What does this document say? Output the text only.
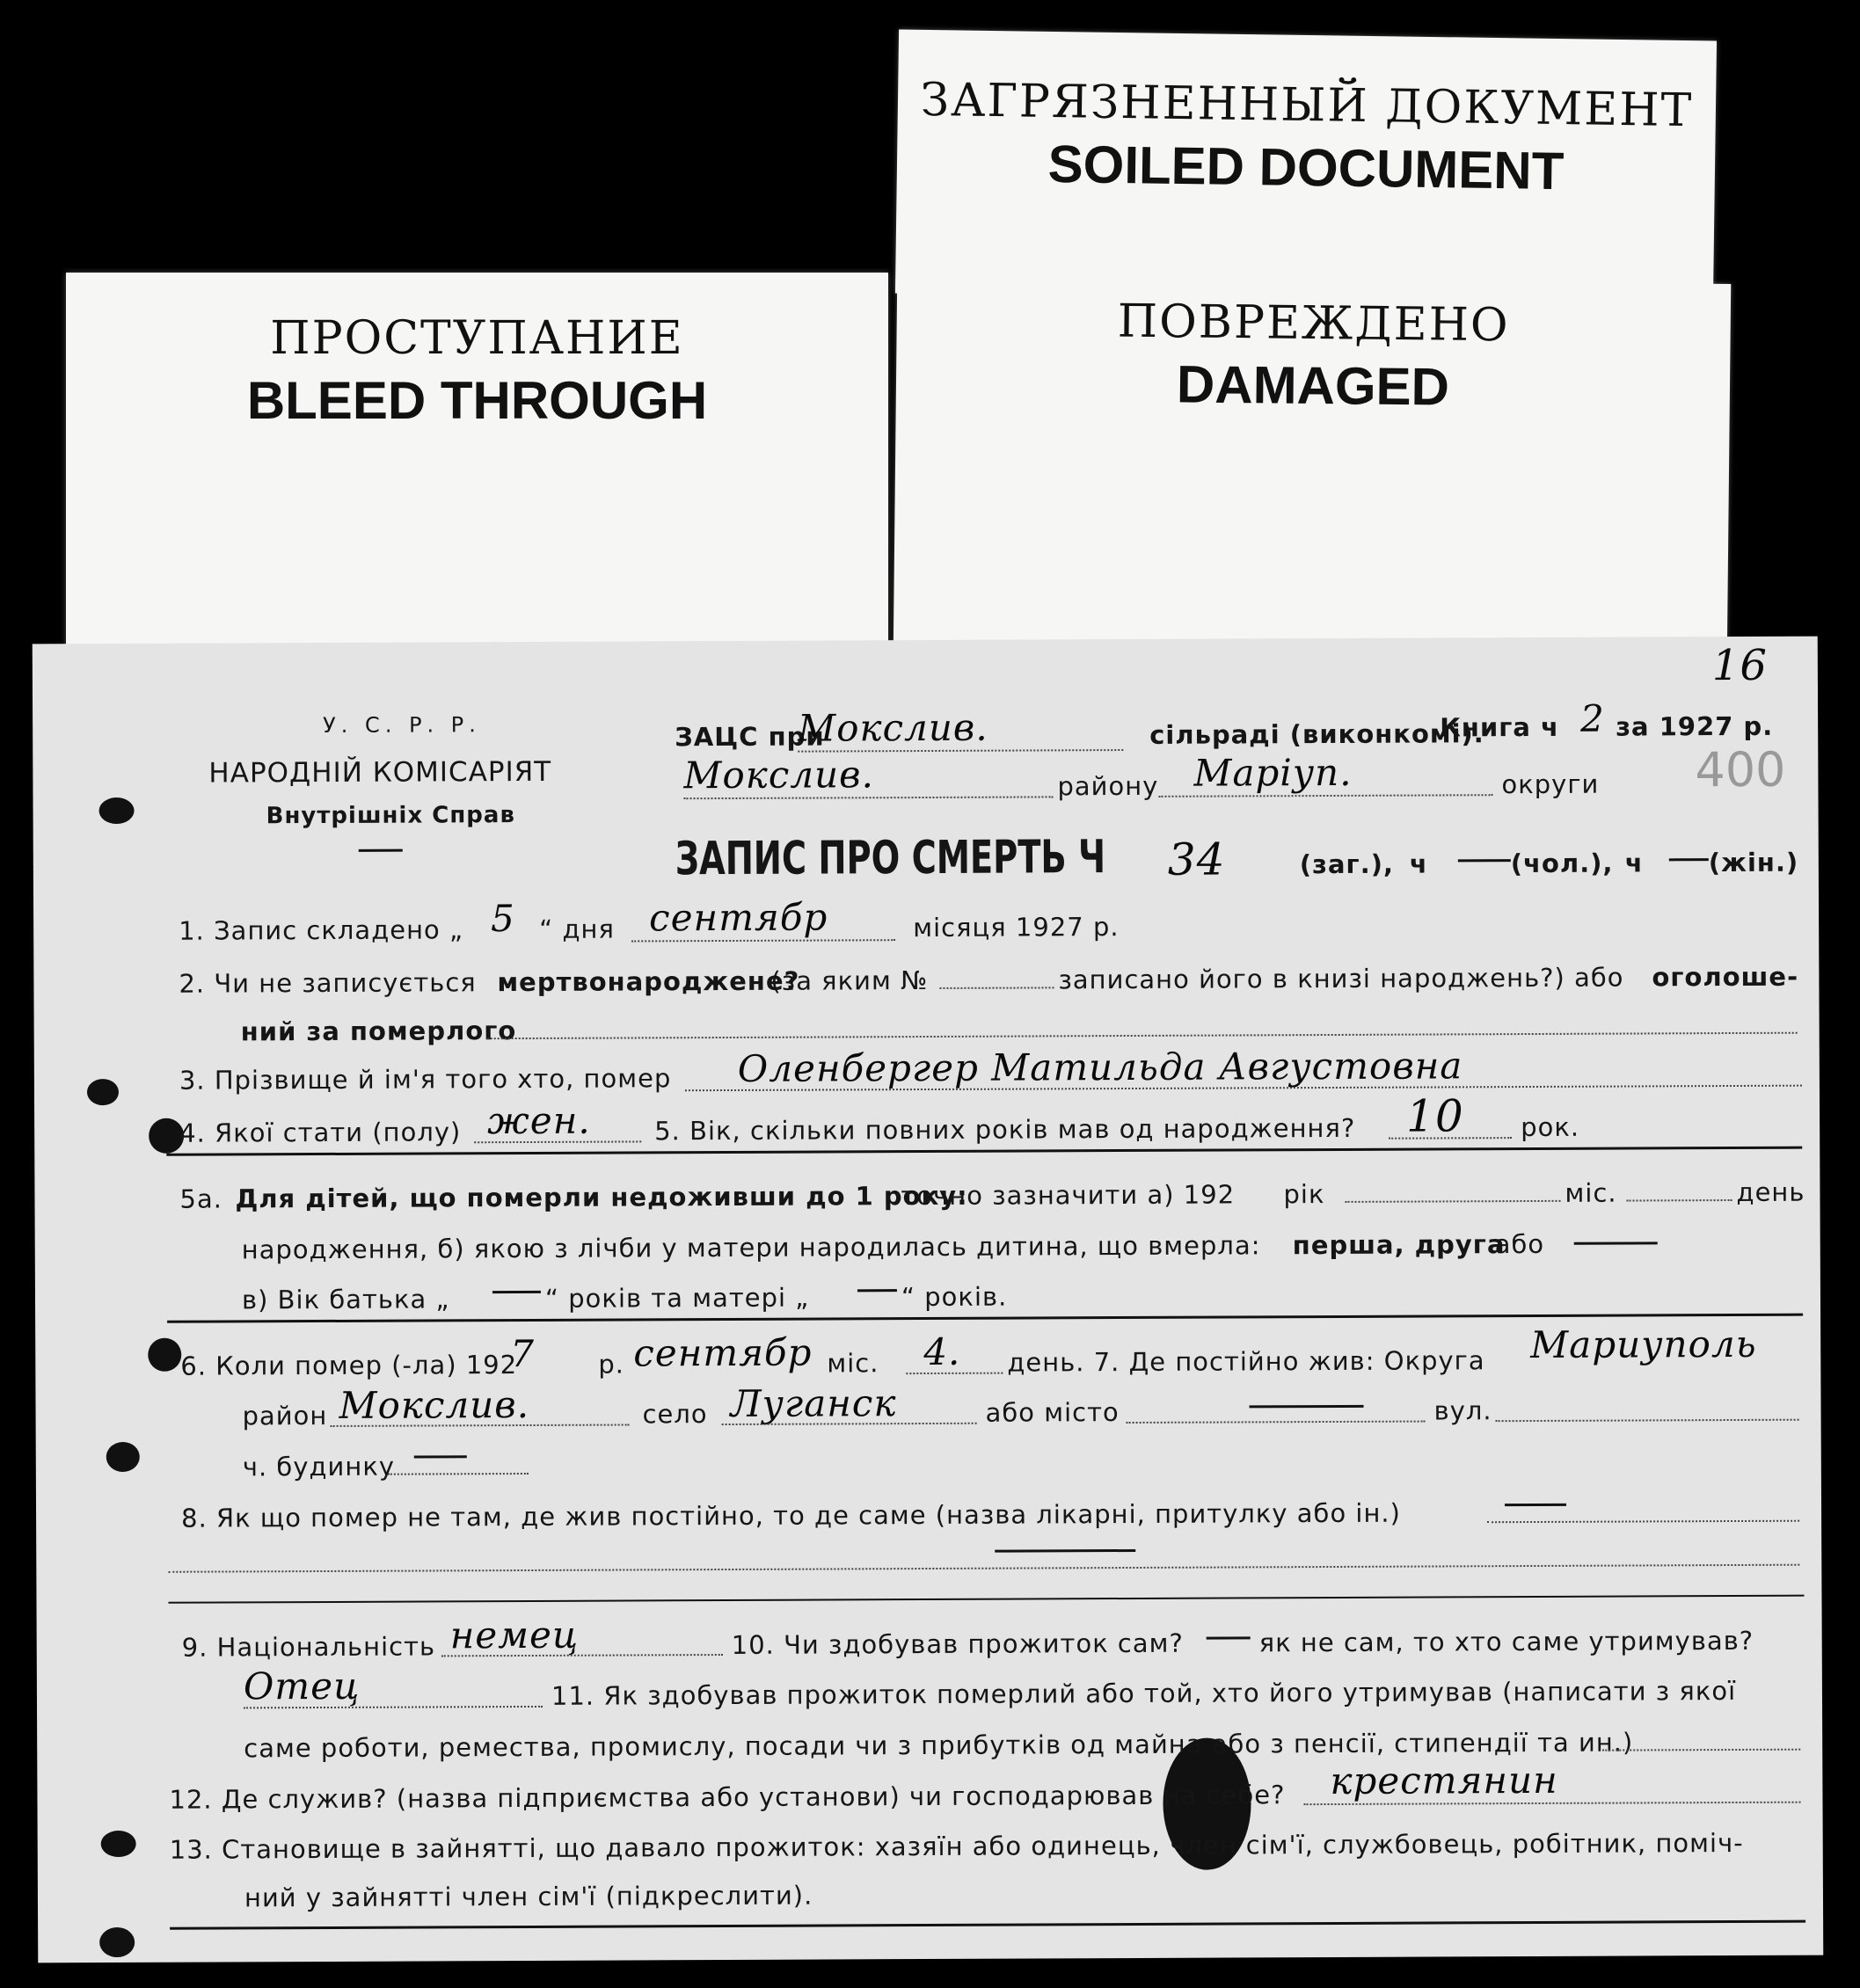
ЗАГРЯЗНЕННЫЙ ДОКУМЕНТ
SOILED DOCUMENT
ПРОСТУПАНИЕ
BLEED THROUGH
ПОВРЕЖДЕНО
DAMAGED
У. С. Р. Р.
НАРОДНІЙ КОМІСАРІЯТ
Внутрішніх Справ
ЗАЦС при
Мокслив.	сільраді (виконкомі).
Книга ч 2 за 1927 р.
16
400
Мокслив.	району Марiуп.	округи
ЗАПИС ПРО СМЕРТЬ Ч 34	(заг.), ч	(чол.), ч	(жін.)
1. Запис складено „ 5 “ дня сентябр	місяця 1927 р.
2. Чи не записується мертвонароджене?
(за яким №	записано його в книзі народжень?) або оголоше-
ний за померлого
3. Прізвище й ім'я того хто, помер Оленбергер Матильда Августовна
4. Якої стати (полу) жен. 5. Вік, скільки повних років мав од народження? 10 рок.
5а. Для дітей, що померли недоживши до 1 року:
точно зазначити а) 192 рік	міс.	день
народження, б) якою з лічби у матери народилась дитина, що вмерла: перша, друга
або
в) Вік батька „	“ років та матері „	“ років.
6. Коли помер (-ла) 192
7 р. сентябр міс. 4. день. 7. Де постійно жив: Округа Мариуполь
район Мокслив.	село Луганск	або місто	вул.
ч. будинку
8. Як що помер не там, де жив постійно, то де саме (назва лікарні, притулку або ін.)
9. Національність немец	10. Чи здобував прожиток сам?	як не сам, то хто саме утримував?
Отец	11. Як здобував прожиток померлий або той, хто його утримував (написати з якої
саме роботи, ремества, промислу, посади чи з прибутків од майна або з пенсії, стипендії та ин.)
12. Де служив? (назва підприємства або установи) чи господарював на себе? крестянин
13. Становище в зайнятті, що давало прожиток: хазяїн або одинець, член сім'ї, службовець, робітник, поміч-
ний у зайнятті член сім'ї (підкреслити).
